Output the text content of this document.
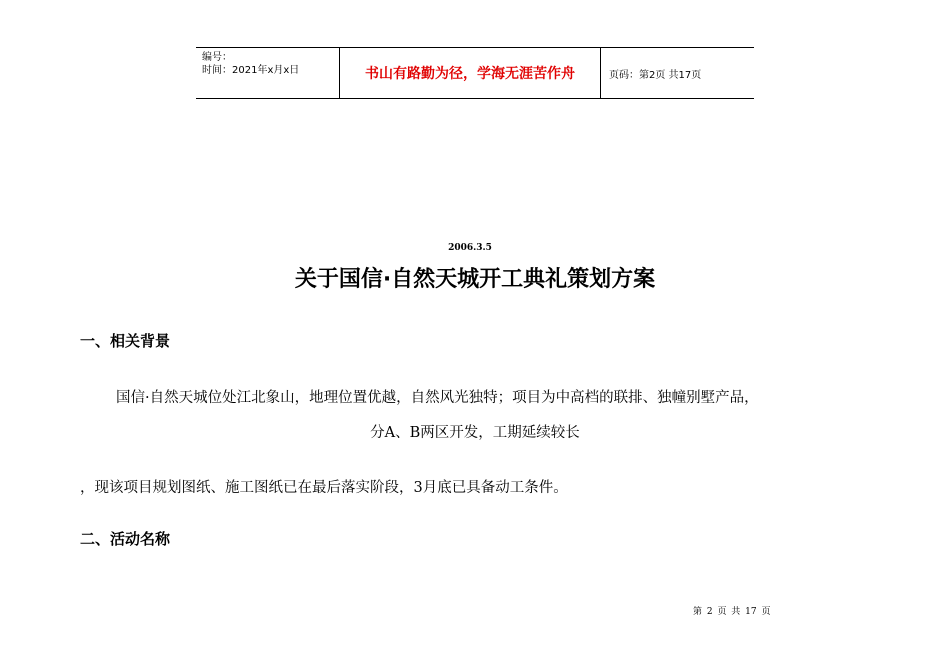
编号：
时间：2021年x月x日	书山有路勤为径，学海无涯苦作舟	页码：第2页 共17页
2006.3.5
关于国信·自然天城开工典礼策划方案
一、相关背景
国信·自然天城位处江北象山，地理位置优越，自然风光独特；项目为中高档的联排、独幢别墅产品，
分A、B两区开发，工期延续较长
，现该项目规划图纸、施工图纸已在最后落实阶段，3月底已具备动工条件。
二、活动名称
第 2 页 共 17 页
